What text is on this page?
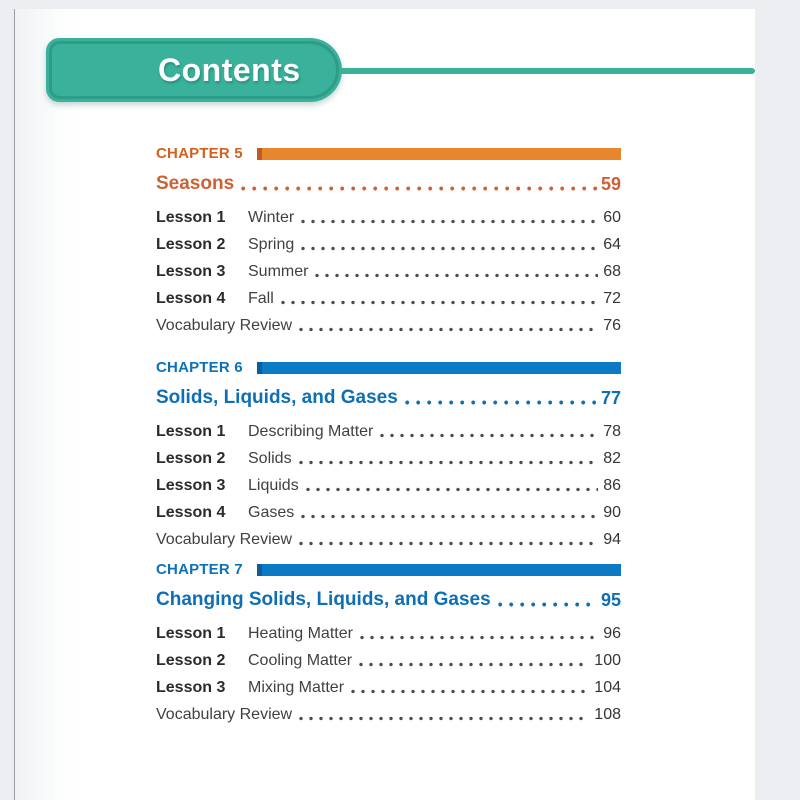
Contents
CHAPTER 5
Seasons	59
Lesson 1	Winter	60
Lesson 2	Spring	64
Lesson 3	Summer	68
Lesson 4	Fall	72
Vocabulary Review	76
CHAPTER 6
Solids, Liquids, and Gases	77
Lesson 1	Describing Matter	78
Lesson 2	Solids	82
Lesson 3	Liquids	86
Lesson 4	Gases	90
Vocabulary Review	94
CHAPTER 7
Changing Solids, Liquids, and Gases	95
Lesson 1	Heating Matter	96
Lesson 2	Cooling Matter	100
Lesson 3	Mixing Matter	104
Vocabulary Review	108
